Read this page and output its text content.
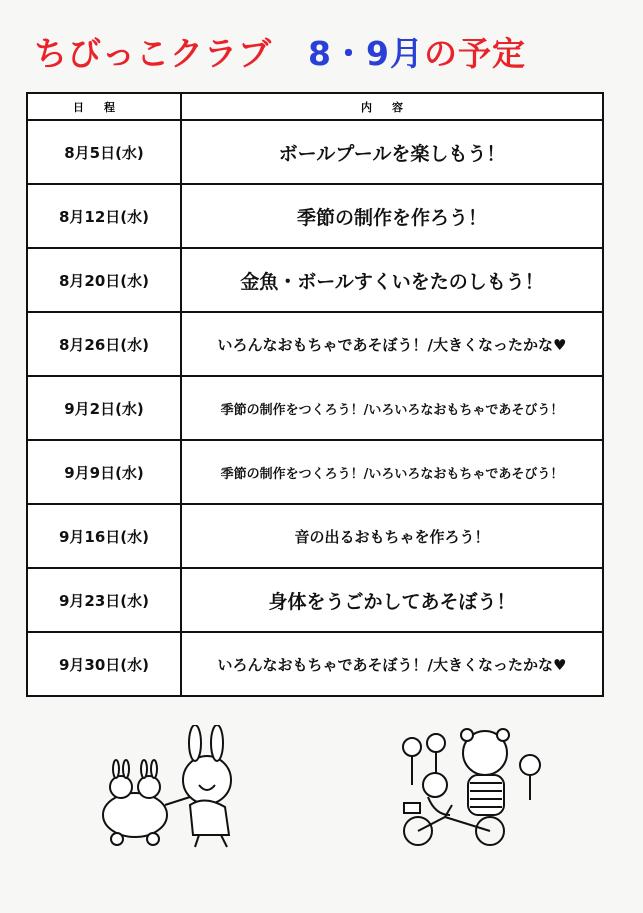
ちびっこクラブ 8・9月の予定
日程	内容
8月5日(水)	ボールプールを楽しもう！
8月12日(水)	季節の制作を作ろう！
8月20日(水)	金魚・ボールすくいをたのしもう！
8月26日(水)	いろんなおもちゃであそぼう！/大きくなったかな♥
9月2日(水)	季節の制作をつくろう！/いろいろなおもちゃであそびう！
9月9日(水)	季節の制作をつくろう！/いろいろなおもちゃであそびう！
9月16日(水)	音の出るおもちゃを作ろう！
9月23日(水)	身体をうごかしてあそぼう！
9月30日(水)	いろんなおもちゃであそぼう！/大きくなったかな♥
